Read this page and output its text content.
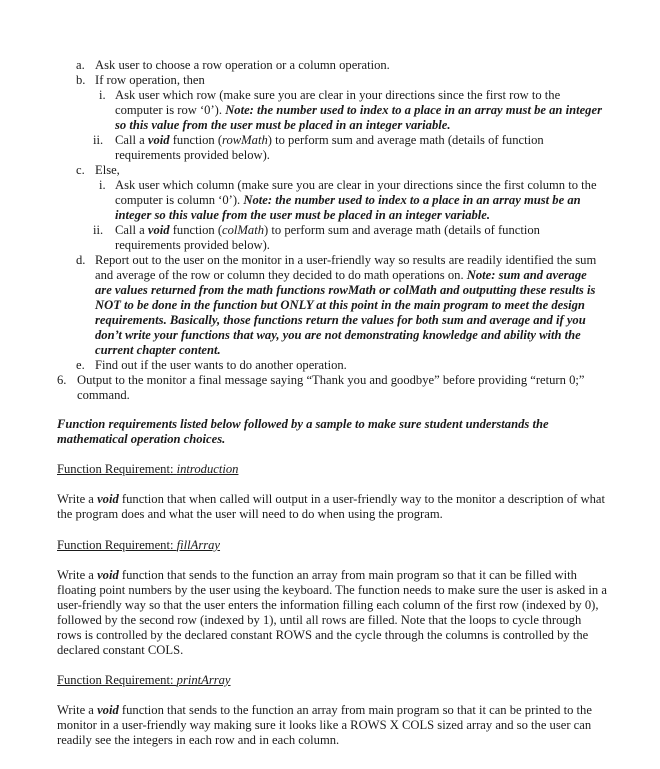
a. Ask user to choose a row operation or a column operation.
b. If row operation, then
i. Ask user which row (make sure you are clear in your directions since the first row to the computer is row ‘0’). Note: the number used to index to a place in an array must be an integer so this value from the user must be placed in an integer variable.
ii. Call a void function (rowMath) to perform sum and average math (details of function requirements provided below).
c. Else,
i. Ask user which column (make sure you are clear in your directions since the first column to the computer is column ‘0’). Note: the number used to index to a place in an array must be an integer so this value from the user must be placed in an integer variable.
ii. Call a void function (colMath) to perform sum and average math (details of function requirements provided below).
d. Report out to the user on the monitor in a user-friendly way so results are readily identified the sum and average of the row or column they decided to do math operations on. Note: sum and average are values returned from the math functions rowMath or colMath and outputting these results is NOT to be done in the function but ONLY at this point in the main program to meet the design requirements. Basically, those functions return the values for both sum and average and if you don’t write your functions that way, you are not demonstrating knowledge and ability with the current chapter content.
e. Find out if the user wants to do another operation.
6. Output to the monitor a final message saying “Thank you and goodbye” before providing “return 0;” command.
Function requirements listed below followed by a sample to make sure student understands the mathematical operation choices.
Function Requirement: introduction
Write a void function that when called will output in a user-friendly way to the monitor a description of what the program does and what the user will need to do when using the program.
Function Requirement: fillArray
Write a void function that sends to the function an array from main program so that it can be filled with floating point numbers by the user using the keyboard. The function needs to make sure the user is asked in a user-friendly way so that the user enters the information filling each column of the first row (indexed by 0), followed by the second row (indexed by 1), until all rows are filled. Note that the loops to cycle through rows is controlled by the declared constant ROWS and the cycle through the columns is controlled by the declared constant COLS.
Function Requirement: printArray
Write a void function that sends to the function an array from main program so that it can be printed to the monitor in a user-friendly way making sure it looks like a ROWS X COLS sized array and so the user can readily see the integers in each row and in each column.
